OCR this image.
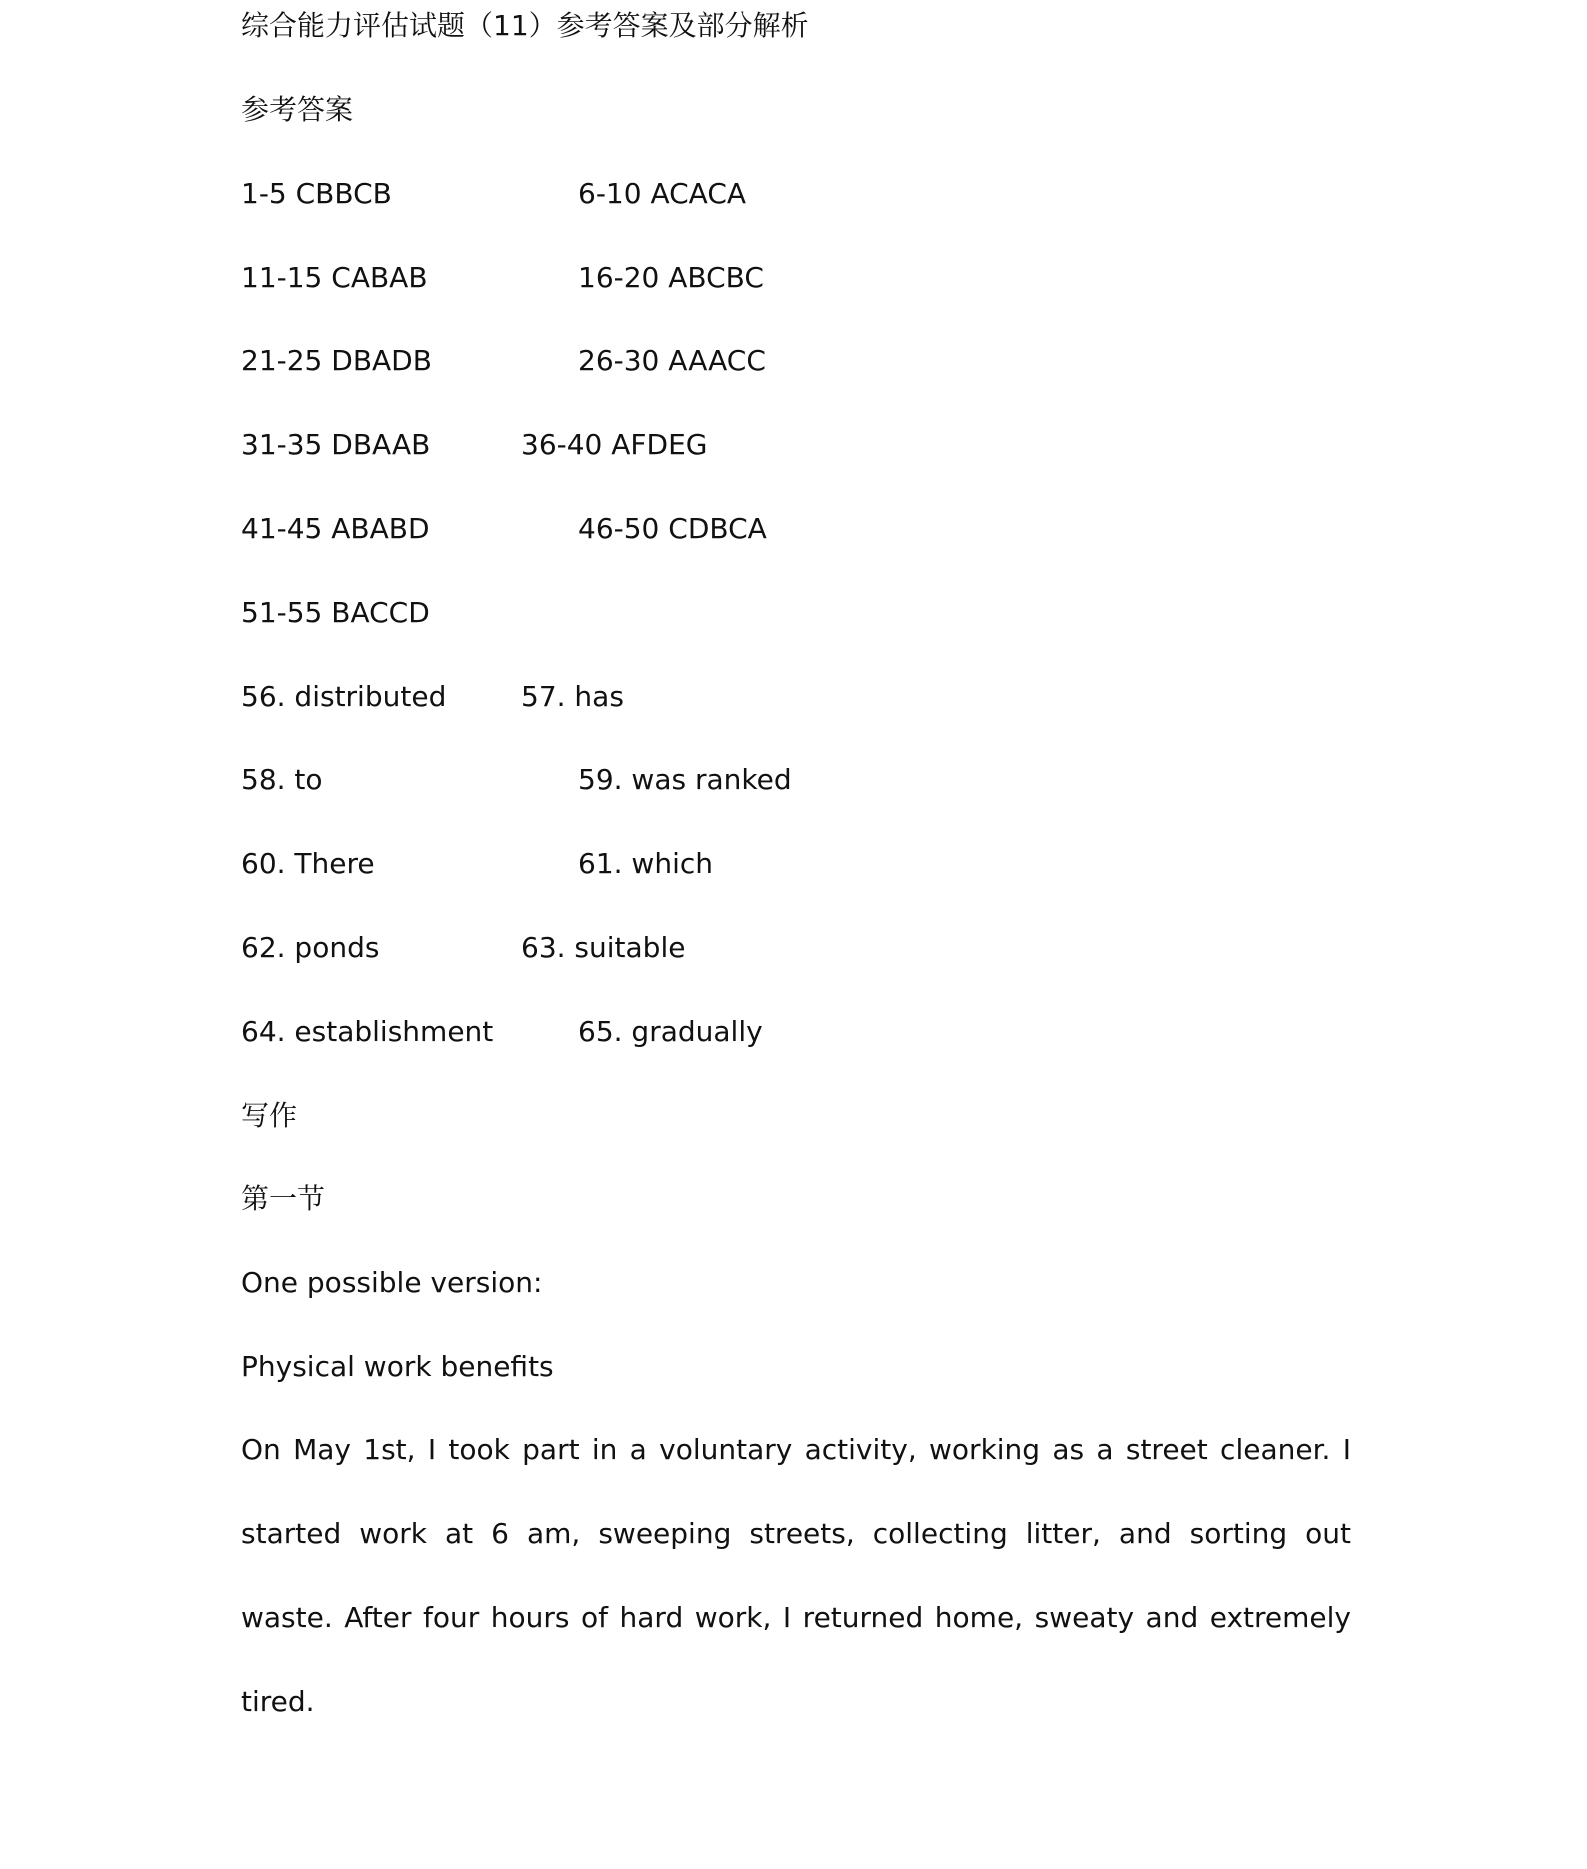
综合能力评估试题（11）参考答案及部分解析
参考答案
1-5 CBBCB	6-10 ACACA
11-15 CABAB	16-20 ABCBC
21-25 DBADB	26-30 AAACC
31-35 DBAAB	36-40 AFDEG
41-45 ABABD	46-50 CDBCA
51-55 BACCD
56. distributed	57. has
58. to	59. was ranked
60. There	61. which
62. ponds	63. suitable
64. establishment	65. gradually
写作
第一节
One possible version:
Physical work benefits
On May 1st, I took part in a voluntary activity, working as a street cleaner. I started work at 6 am, sweeping streets, collecting litter, and sorting out waste. After four hours of hard work, I returned home, sweaty and extremely tired.
